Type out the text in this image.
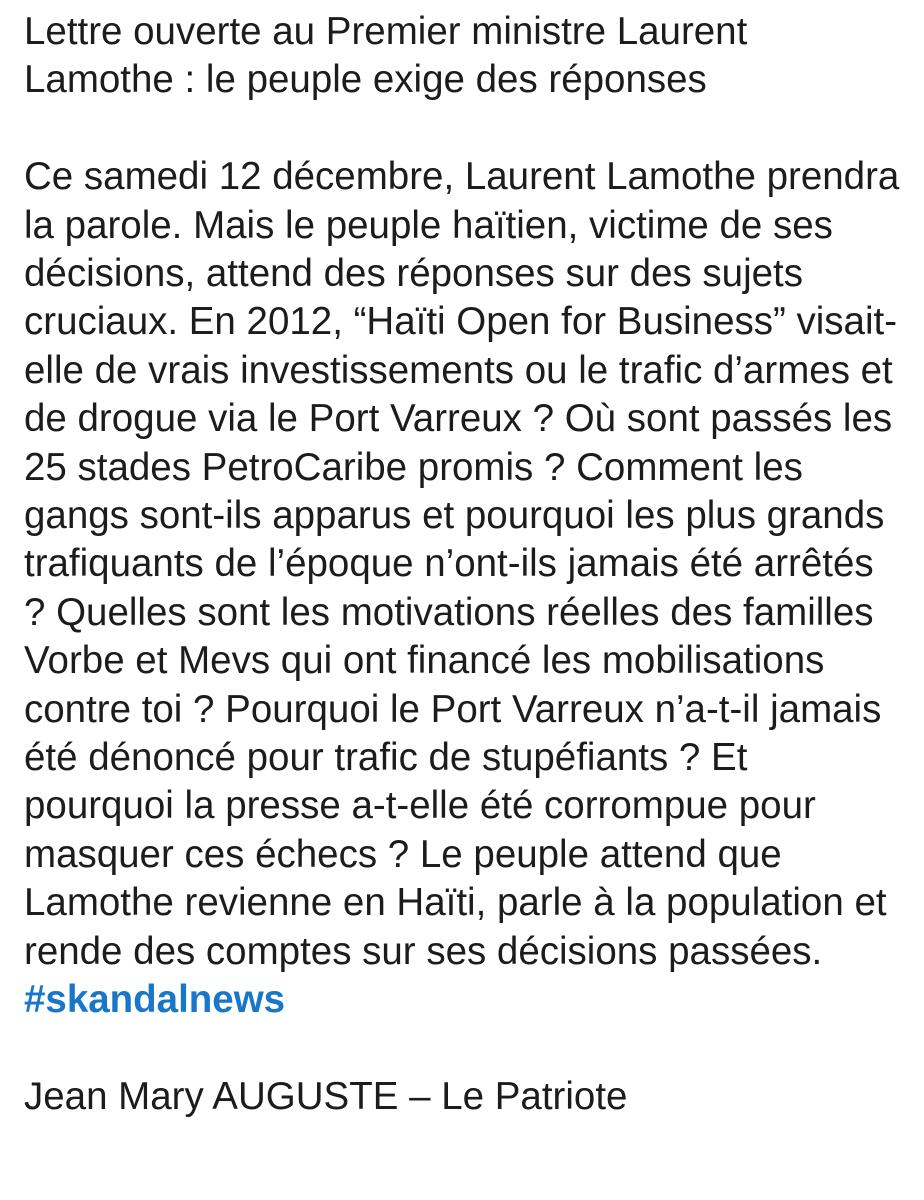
Lettre ouverte au Premier ministre Laurent Lamothe : le peuple exige des réponses

Ce samedi 12 décembre, Laurent Lamothe prendra la parole. Mais le peuple haïtien, victime de ses décisions, attend des réponses sur des sujets cruciaux. En 2012, “Haïti Open for Business” visait-elle de vrais investissements ou le trafic d’armes et de drogue via le Port Varreux ? Où sont passés les 25 stades PetroCaribe promis ? Comment les gangs sont-ils apparus et pourquoi les plus grands trafiquants de l’époque n’ont-ils jamais été arrêtés ? Quelles sont les motivations réelles des familles Vorbe et Mevs qui ont financé les mobilisations contre toi ? Pourquoi le Port Varreux n’a-t-il jamais été dénoncé pour trafic de stupéfiants ? Et pourquoi la presse a-t-elle été corrompue pour masquer ces échecs ? Le peuple attend que Lamothe revienne en Haïti, parle à la population et rende des comptes sur ses décisions passées. #skandalnews

Jean Mary AUGUSTE – Le Patriote
